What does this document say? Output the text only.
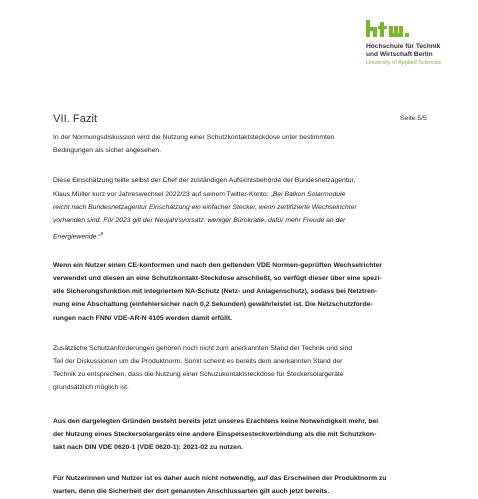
Hochschule für Technik
und Wirtschaft Berlin
University of Applied Sciences
VII. Fazit	Seite 5/5
In der Normungsdiskussion wird die Nutzung einer Schutzkontaktsteckdose unter bestimmten
Bedingungen als sicher angesehen.
Diese Einschätzung teilte selbst der Chef der zuständigen Aufsichtsbehörde der Bundesnetzagentur,
Klaus Müller kurz vor Jahreswechsel 2022/23 auf seinem Twitter-Konto: „Bei Balkon Solarmodule
reicht nach Bundesnetzagentur Einschätzung ein einfacher Stecker, wenn zertifizierte Wechselrichter
vorhanden sind. Für 2023 gilt der Neujahrsvorsatz: weniger Bürokratie, dafür mehr Freude an der
Energiewende.“$^8$
Wenn ein Nutzer einen CE-konformen und nach den geltenden VDE Normen-geprüften Wechselrichter
verwendet und diesen an eine Schutzkontakt-Steckdose anschließt, so verfügt dieser über eine spezi-
elle Sicherungsfunktion mit integriertem NA-Schutz (Netz- und Anlagenschutz), sodass bei Netztren-
nung eine Abschaltung (einfehlersicher nach 0,2 Sekunden) gewährleistet ist. Die Netzschutzforde-
rungen nach FNN/ VDE-AR-N 4105 werden damit erfüllt.
Zusätzliche Schutzanforderungen gehören noch nicht zum anerkannten Stand der Technik und sind
Teil der Diskussionen um die Produktnorm. Somit scheint es bereits dem anerkannten Stand der
Technik zu entsprechen, dass die Nutzung einer Schuzukontaktsteckdose für Steckersolargeräte
grundsätzlich möglich ist.
Aus den dargelegten Gründen besteht bereits jetzt unseres Erachtens keine Notwendigkeit mehr, bei
der Nutzung eines Steckersolargeräts eine andere Einspeisesteckverbindung als die mit Schutzkon-
takt nach DIN VDE 0620-1 (VDE 0620-1): 2021-02 zu nutzen.
Für Nutzerinnen und Nutzer ist es daher auch nicht notwendig, auf das Erscheinen der Produktnorm zu
warten, denn die Sicherheit der dort genannten Anschlussarten gilt auch jetzt bereits.
